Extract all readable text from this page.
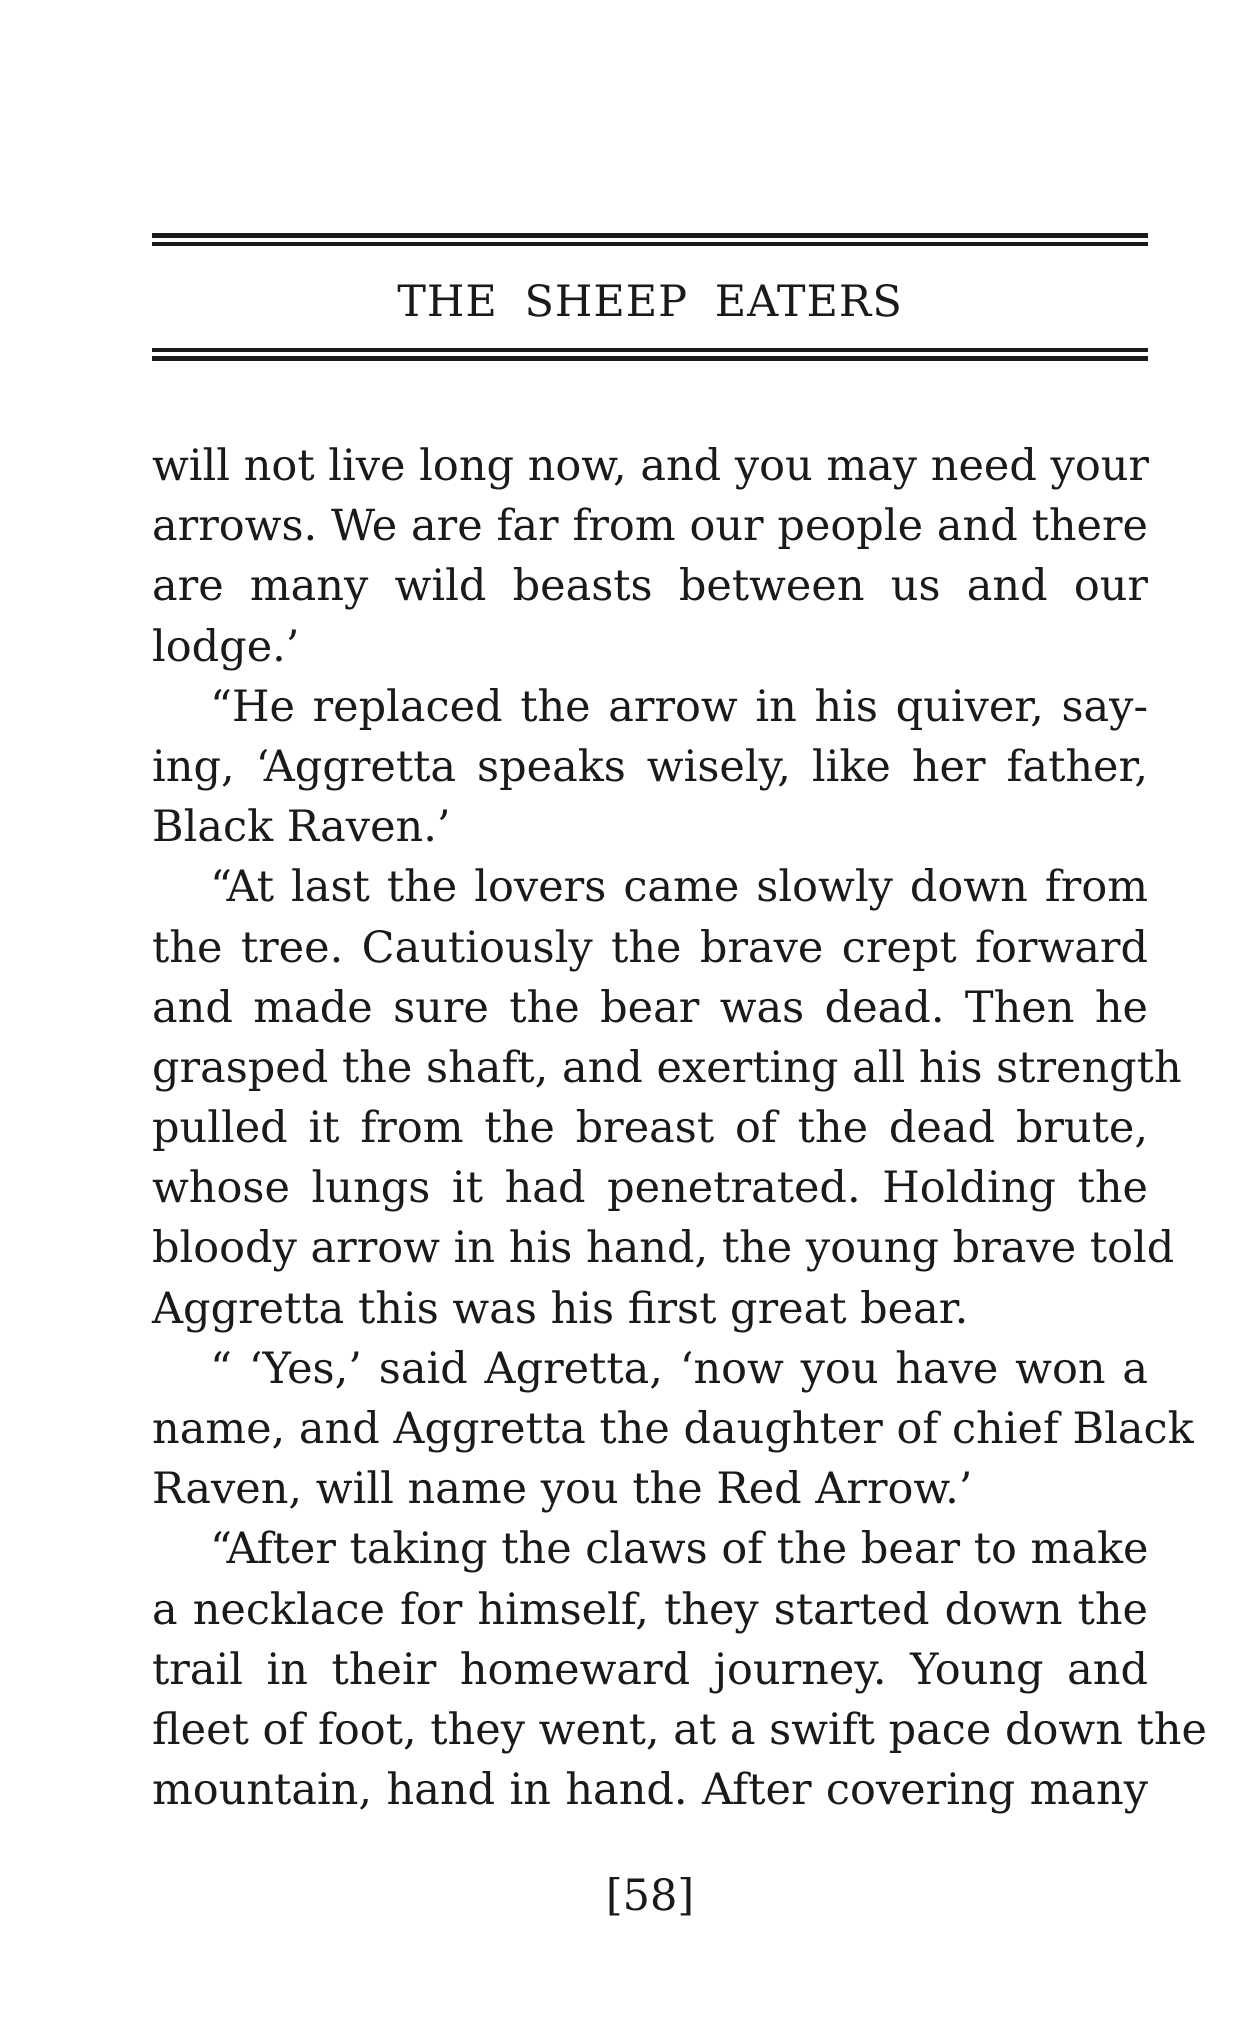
THE SHEEP EATERS
will not live long now, and you may need your
arrows. We are far from our people and there
are many wild beasts between us and our
lodge.’
“He replaced the arrow in his quiver, say-
ing, ‘Aggretta speaks wisely, like her father,
Black Raven.’
“At last the lovers came slowly down from
the tree. Cautiously the brave crept forward
and made sure the bear was dead. Then he
grasped the shaft, and exerting all his strength
pulled it from the breast of the dead brute,
whose lungs it had penetrated. Holding the
bloody arrow in his hand, the young brave told
Aggretta this was his first great bear.
“ ‘Yes,’ said Agretta, ‘now you have won a
name, and Aggretta the daughter of chief Black
Raven, will name you the Red Arrow.’
“After taking the claws of the bear to make
a necklace for himself, they started down the
trail in their homeward journey. Young and
fleet of foot, they went, at a swift pace down the
mountain, hand in hand. After covering many
[58]
